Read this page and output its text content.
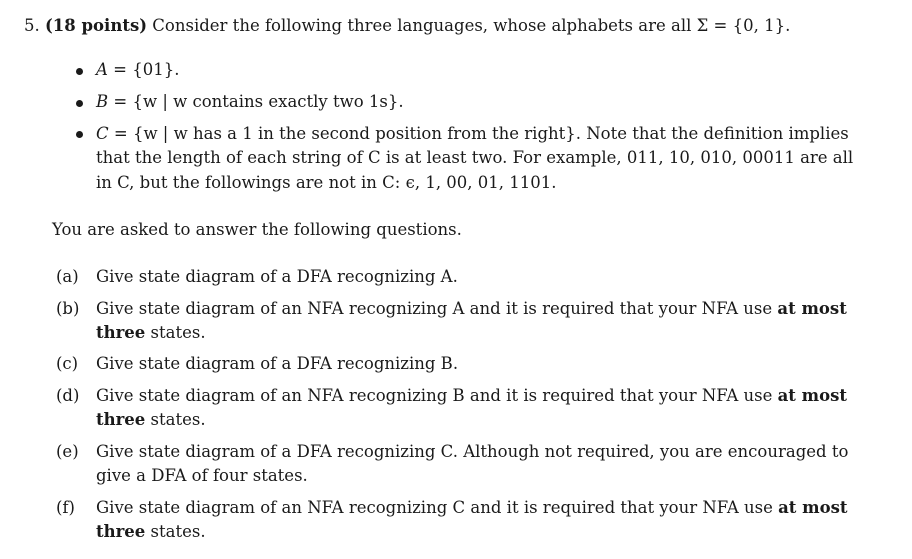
5. (18 points) Consider the following three languages, whose alphabets are all Σ = {0, 1}.
A = {01}.
B = {w | w contains exactly two 1s}.
C = {w | w has a 1 in the second position from the right}. Note that the definition implies
that the length of each string of C is at least two. For example, 011, 10, 010, 00011 are all
in C, but the followings are not in C: ϵ, 1, 00, 01, 1101.
You are asked to answer the following questions.
(a) Give state diagram of a DFA recognizing A.
(b) Give state diagram of an NFA recognizing A and it is required that your NFA use at most
three states.
(c) Give state diagram of a DFA recognizing B.
(d) Give state diagram of an NFA recognizing B and it is required that your NFA use at most
three states.
(e) Give state diagram of a DFA recognizing C. Although not required, you are encouraged to
give a DFA of four states.
(f) Give state diagram of an NFA recognizing C and it is required that your NFA use at most
three states.
